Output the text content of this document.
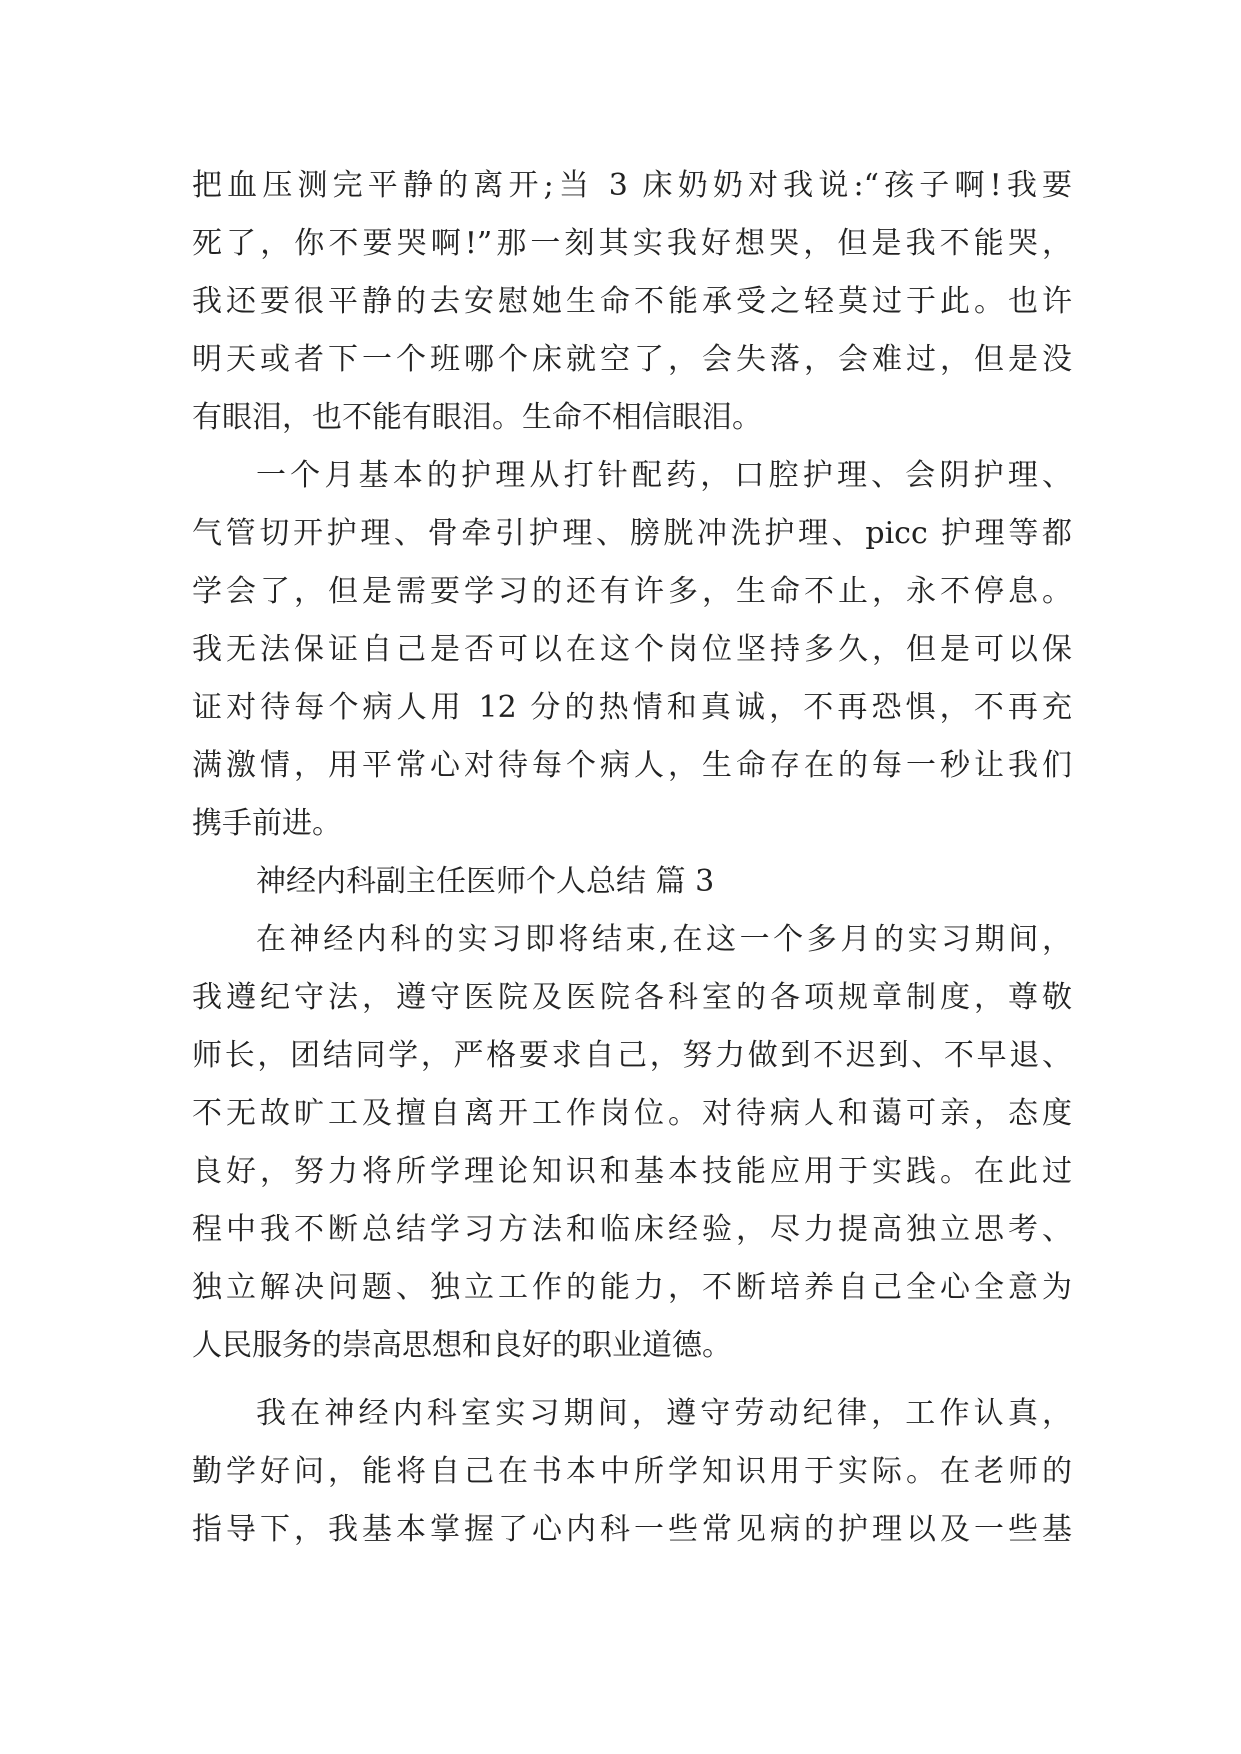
把血压测完平静的离开;当 3 床奶奶对我说:“孩子啊!我要
死了，你不要哭啊!”那一刻其实我好想哭，但是我不能哭，
我还要很平静的去安慰她生命不能承受之轻莫过于此。也许
明天或者下一个班哪个床就空了，会失落，会难过，但是没
有眼泪，也不能有眼泪。生命不相信眼泪。
一个月基本的护理从打针配药，口腔护理、会阴护理、
气管切开护理、骨牵引护理、膀胱冲洗护理、picc 护理等都
学会了，但是需要学习的还有许多，生命不止，永不停息。
我无法保证自己是否可以在这个岗位坚持多久，但是可以保
证对待每个病人用 12 分的热情和真诚，不再恐惧，不再充
满激情，用平常心对待每个病人，生命存在的每一秒让我们
携手前进。
神经内科副主任医师个人总结 篇 3
在神经内科的实习即将结束,在这一个多月的实习期间，
我遵纪守法，遵守医院及医院各科室的各项规章制度，尊敬
师长，团结同学，严格要求自己，努力做到不迟到、不早退、
不无故旷工及擅自离开工作岗位。对待病人和蔼可亲，态度
良好，努力将所学理论知识和基本技能应用于实践。在此过
程中我不断总结学习方法和临床经验，尽力提高独立思考、
独立解决问题、独立工作的能力，不断培养自己全心全意为
人民服务的崇高思想和良好的职业道德。
我在神经内科室实习期间，遵守劳动纪律，工作认真，
勤学好问，能将自己在书本中所学知识用于实际。在老师的
指导下，我基本掌握了心内科一些常见病的护理以及一些基
